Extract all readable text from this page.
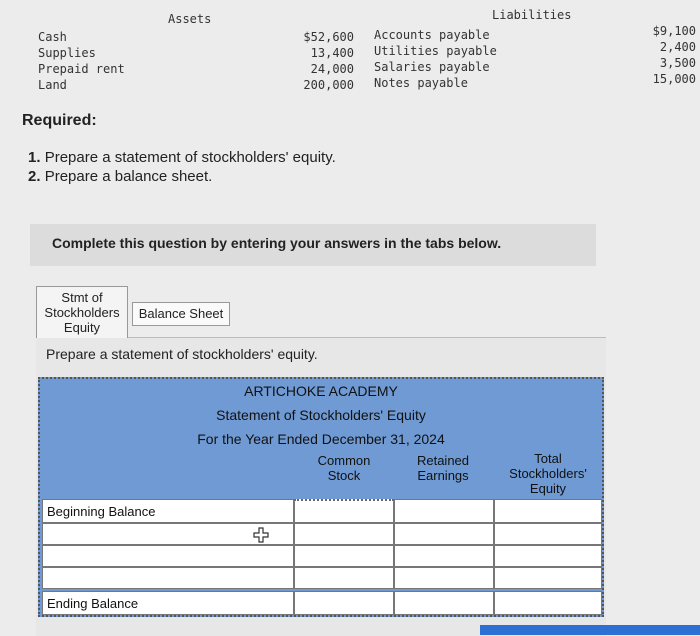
Assets	Liabilities
Cash
Supplies
Prepaid rent
Land
$52,600
13,400
24,000
200,000
Accounts payable
Utilities payable
Salaries payable
Notes payable
$9,100
2,400
3,500
15,000
Required:
1. Prepare a statement of stockholders' equity.
2. Prepare a balance sheet.
Complete this question by entering your answers in the tabs below.
Stmt of
Stockholders
Equity
Balance Sheet
Prepare a statement of stockholders' equity.
ARTICHOKE ACADEMY
Statement of Stockholders' Equity
For the Year Ended December 31, 2024
Common
Stock
Retained
Earnings
Total
Stockholders'
Equity
Beginning Balance
Ending Balance
